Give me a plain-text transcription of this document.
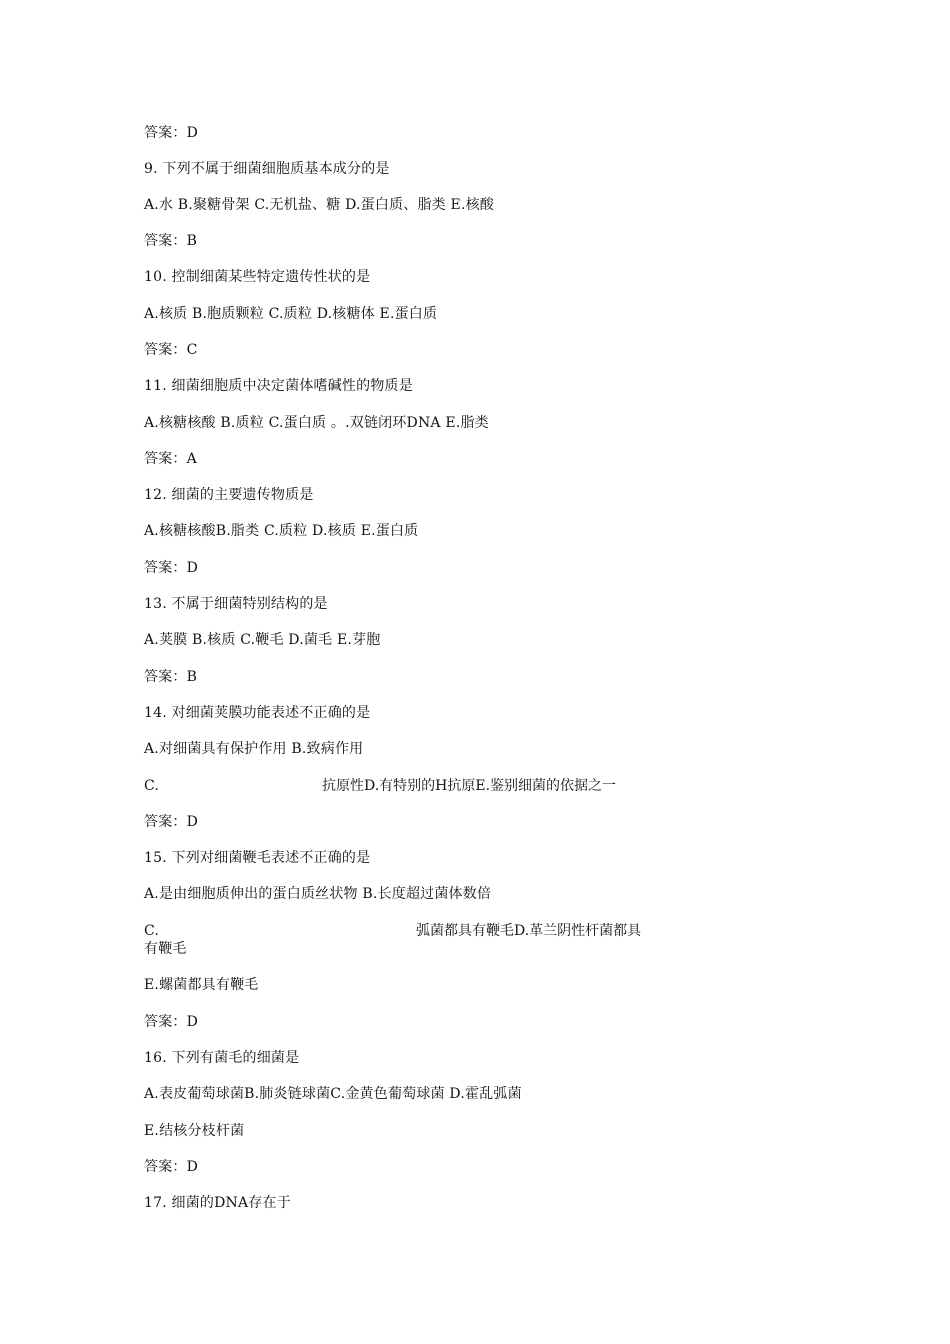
答案：D
9. 下列不属于细菌细胞质基本成分的是
A.水 B.聚糖骨架 C.无机盐、糖 D.蛋白质、脂类 E.核酸
答案：B
10. 控制细菌某些特定遗传性状的是
A.核质 B.胞质颗粒 C.质粒 D.核糖体 E.蛋白质
答案：C
11. 细菌细胞质中决定菌体嗜碱性的物质是
A.核糖核酸 B.质粒 C.蛋白质 。.双链闭环DNA E.脂类
答案：A
12. 细菌的主要遗传物质是
A.核糖核酸B.脂类 C.质粒 D.核质 E.蛋白质
答案：D
13. 不属于细菌特别结构的是
A.荚膜 B.核质 C.鞭毛 D.菌毛 E.芽胞
答案：B
14. 对细菌荚膜功能表述不正确的是
A.对细菌具有保护作用 B.致病作用
C.	抗原性D.有特别的H抗原E.鉴别细菌的依据之一
答案：D
15. 下列对细菌鞭毛表述不正确的是
A.是由细胞质伸出的蛋白质丝状物 B.长度超过菌体数倍
C.	弧菌都具有鞭毛D.革兰阴性杆菌都具
有鞭毛
E.螺菌都具有鞭毛
答案：D
16. 下列有菌毛的细菌是
A.表皮葡萄球菌B.肺炎链球菌C.金黄色葡萄球菌 D.霍乱弧菌
E.结核分枝杆菌
答案：D
17. 细菌的DNA存在于
